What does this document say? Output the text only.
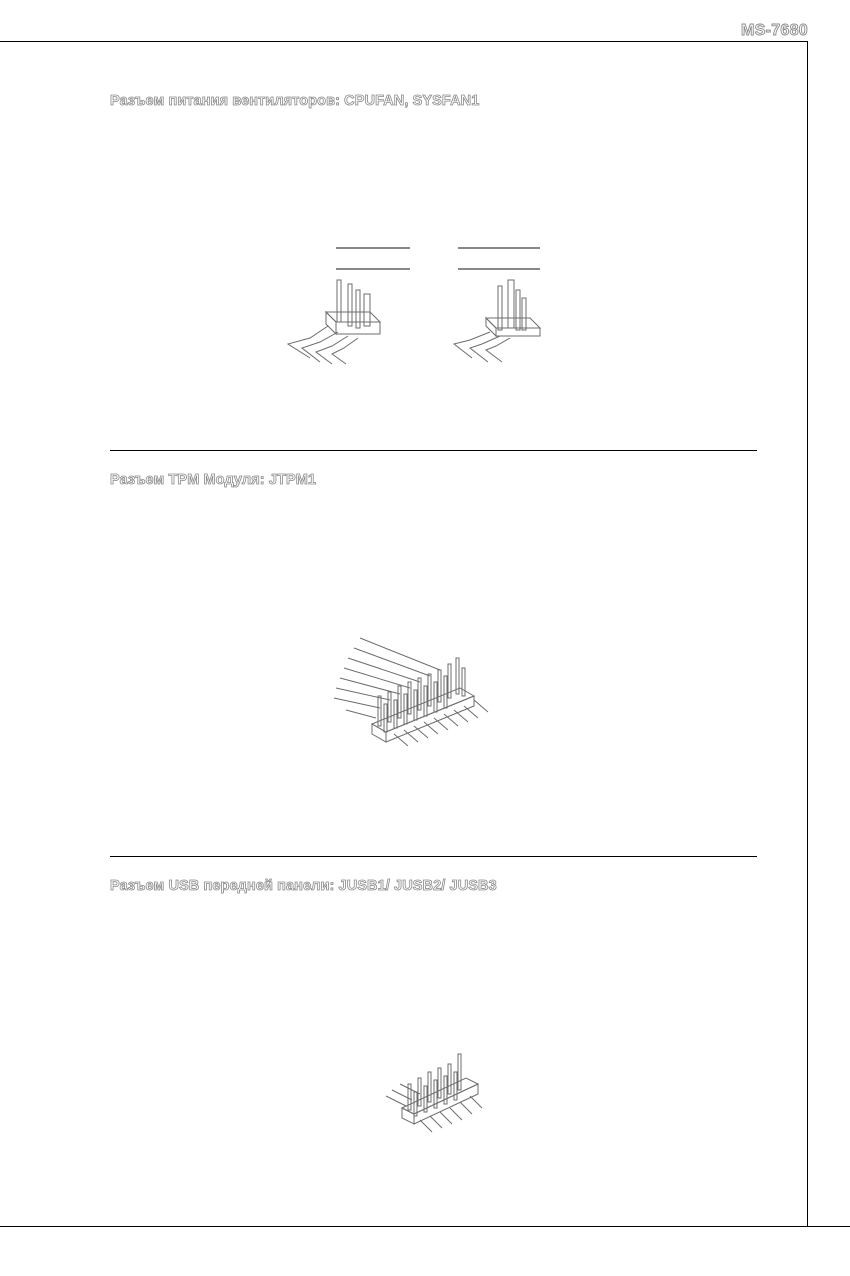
MS-7680
Разъем питания вентиляторов: CPUFAN, SYSFAN1
Разъем TPM Модуля: JTPM1
Разъем USB передней панели: JUSB1/ JUSB2/ JUSB3
